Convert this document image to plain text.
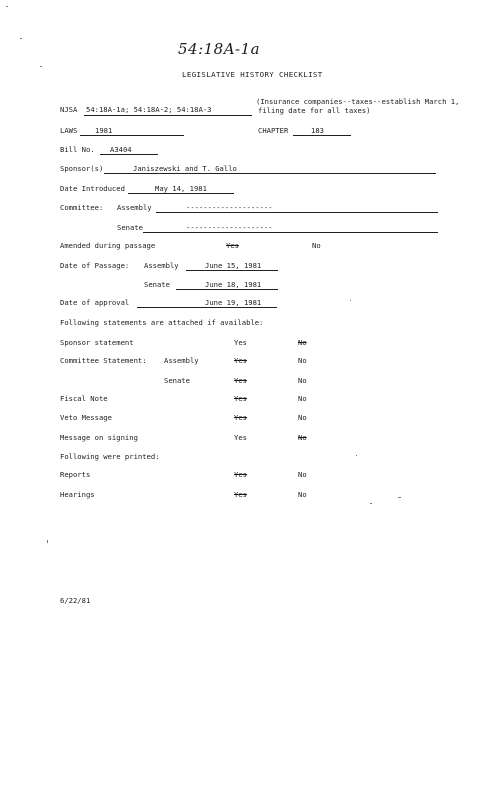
54:18A-1a
LEGISLATIVE HISTORY CHECKLIST
NJSA 54:18A-1a; 54:18A-2; 54:18A-3
(Insurance companies--taxes--establish March 1,
filing date for all taxes)
LAWS 1981	CHAPTER	183
Bill No. A3404
Sponsor(s)	Janiszewski and T. Gallo
Date Introduced	May 14, 1981
Committee: Assembly	--------------------
Senate	--------------------
Amended during passage	Yes	No
Date of Passage: Assembly	June 15, 1981
Senate	June 18, 1981
Date of approval	June 19, 1981
Following statements are attached if available:
Sponsor statement	Yes	No
Committee Statement: Assembly	Yes	No
Senate	Yes	No
Fiscal Note	Yes	No
Veto Message	Yes	No
Message on signing	Yes	No
Following were printed:
Reports	Yes	No
Hearings	Yes	No
6/22/81
